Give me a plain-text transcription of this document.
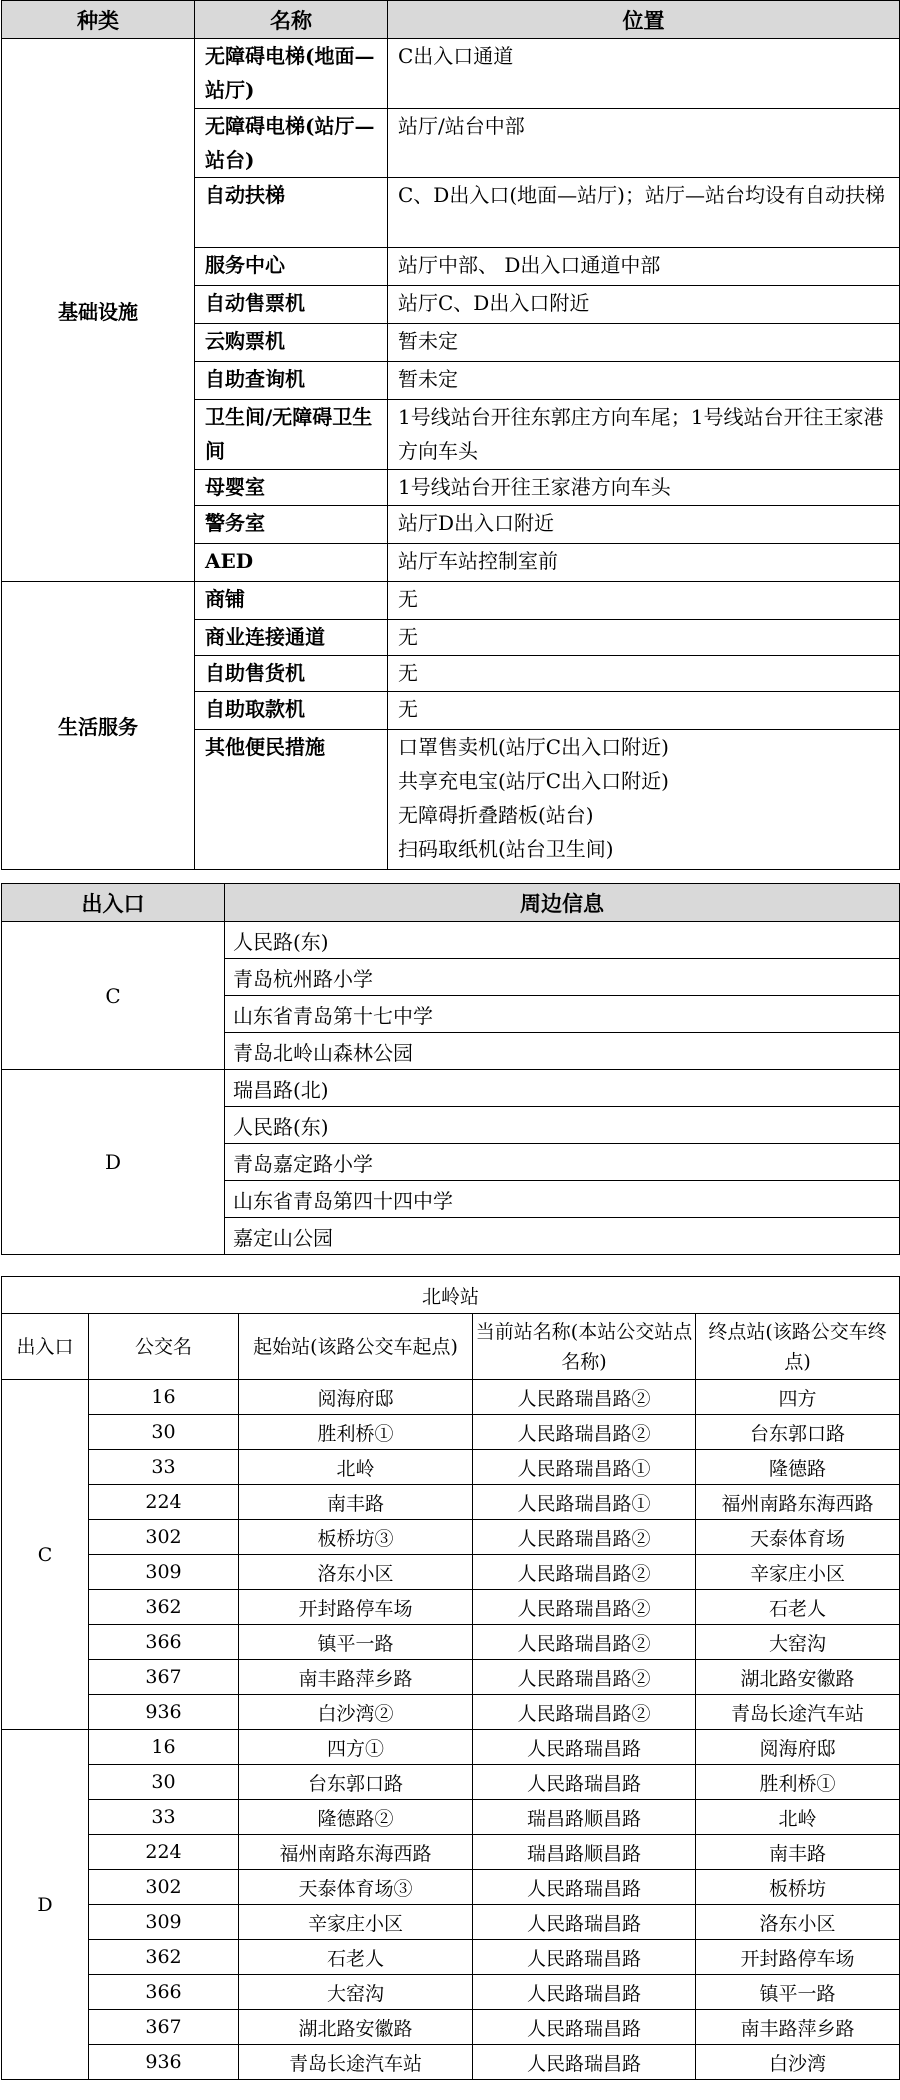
种类	名称	位置
基础设施	无障碍电梯(地面—站厅)	C出入口通道
	无障碍电梯(站厅—站台)	站厅/站台中部
	自动扶梯	C、D出入口(地面—站厅)；站厅—站台均设有自动扶梯
	服务中心	站厅中部、 D出入口通道中部
	自动售票机	站厅C、D出入口附近
	云购票机	暂未定
	自助查询机	暂未定
	卫生间/无障碍卫生间	1号线站台开往东郭庄方向车尾；1号线站台开往王家港方向车头
	母婴室	1号线站台开往王家港方向车头
	警务室	站厅D出入口附近
	AED	站厅车站控制室前
生活服务	商铺	无
	商业连接通道	无
	自助售货机	无
	自助取款机	无
	其他便民措施	口罩售卖机(站厅C出入口附近)
共享充电宝(站厅C出入口附近)
无障碍折叠踏板(站台)
扫码取纸机(站台卫生间)
出入口	周边信息
C	人民路(东)
	青岛杭州路小学
	山东省青岛第十七中学
	青岛北岭山森林公园
D	瑞昌路(北)
	人民路(东)
	青岛嘉定路小学
	山东省青岛第四十四中学
	嘉定山公园
北岭站				
出入口	公交名	起始站(该路公交车起点)	当前站名称(本站公交站点名称)	终点站(该路公交车终点)
C	16	阅海府邸	人民路瑞昌路②	四方
	30	胜利桥①	人民路瑞昌路②	台东郭口路
	33	北岭	人民路瑞昌路①	隆德路
	224	南丰路	人民路瑞昌路①	福州南路东海西路
	302	板桥坊③	人民路瑞昌路②	天泰体育场
	309	洛东小区	人民路瑞昌路②	辛家庄小区
	362	开封路停车场	人民路瑞昌路②	石老人
	366	镇平一路	人民路瑞昌路②	大窑沟
	367	南丰路萍乡路	人民路瑞昌路②	湖北路安徽路
	936	白沙湾②	人民路瑞昌路②	青岛长途汽车站
D	16	四方①	人民路瑞昌路	阅海府邸
	30	台东郭口路	人民路瑞昌路	胜利桥①
	33	隆德路②	瑞昌路顺昌路	北岭
	224	福州南路东海西路	瑞昌路顺昌路	南丰路
	302	天泰体育场③	人民路瑞昌路	板桥坊
	309	辛家庄小区	人民路瑞昌路	洛东小区
	362	石老人	人民路瑞昌路	开封路停车场
	366	大窑沟	人民路瑞昌路	镇平一路
	367	湖北路安徽路	人民路瑞昌路	南丰路萍乡路
	936	青岛长途汽车站	人民路瑞昌路	白沙湾
